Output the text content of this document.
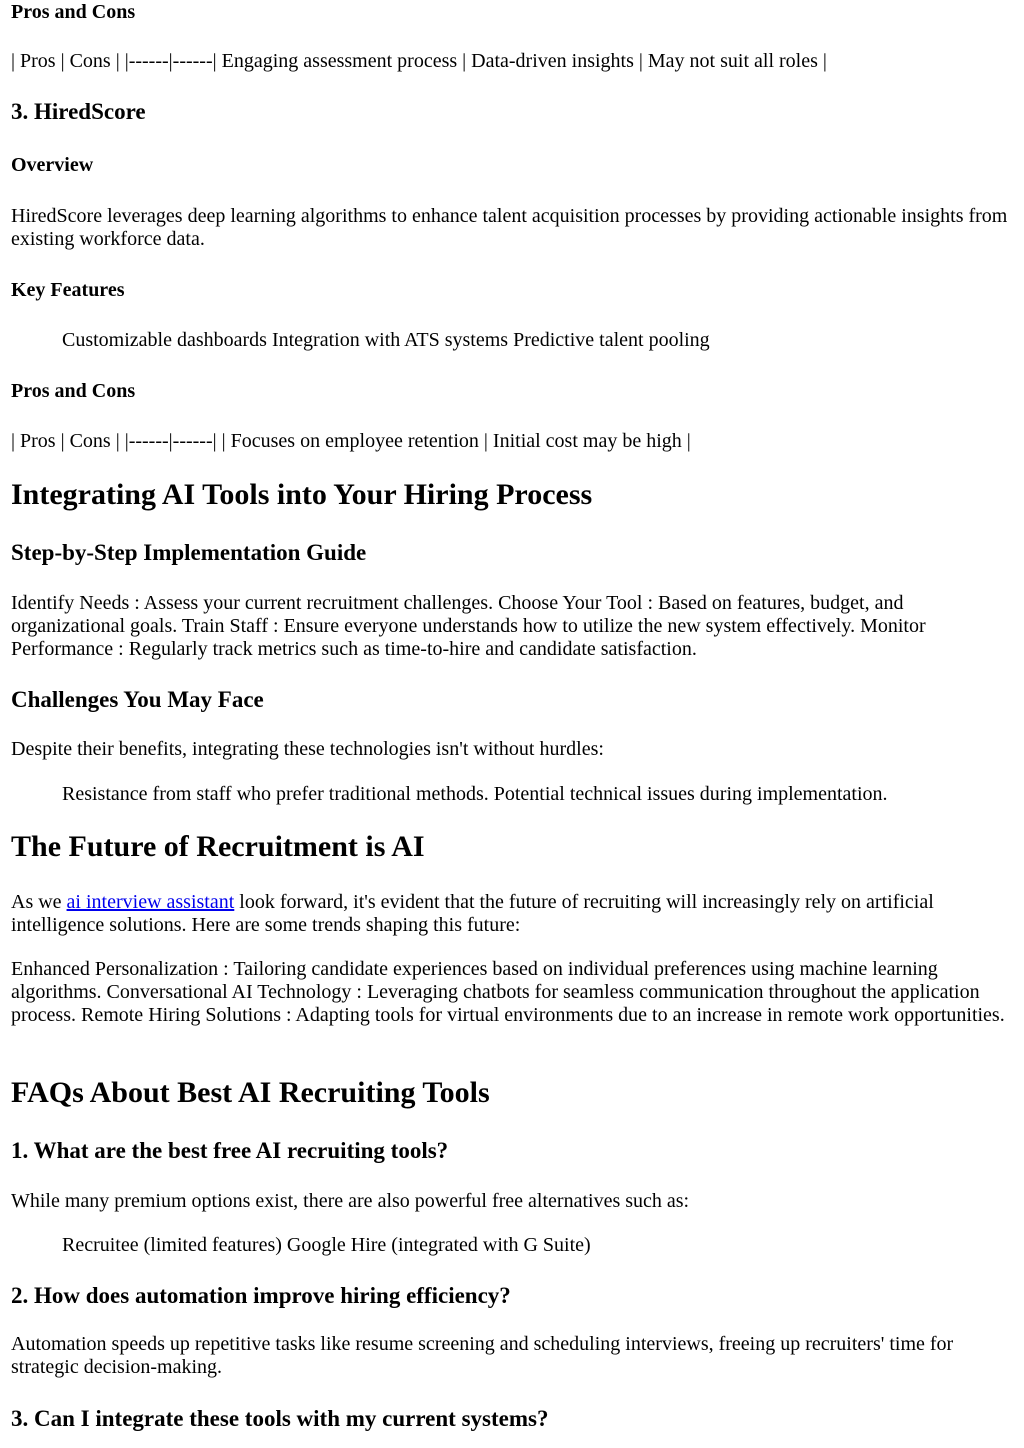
Pros and Cons

| Pros | Cons | |------|------| Engaging assessment process | Data-driven insights | May not suit all roles |

3. HiredScore
Overview

HiredScore leverages deep learning algorithms to enhance talent acquisition processes by providing actionable insights from existing workforce data.

Key Features

Customizable dashboards Integration with ATS systems Predictive talent pooling

Pros and Cons

| Pros | Cons | |------|------| | Focuses on employee retention | Initial cost may be high |

Integrating AI Tools into Your Hiring Process
Step-by-Step Implementation Guide

Identify Needs : Assess your current recruitment challenges. Choose Your Tool : Based on features, budget, and organizational goals. Train Staff : Ensure everyone understands how to utilize the new system effectively. Monitor Performance : Regularly track metrics such as time-to-hire and candidate satisfaction.

Challenges You May Face

Despite their benefits, integrating these technologies isn't without hurdles:

Resistance from staff who prefer traditional methods. Potential technical issues during implementation.

The Future of Recruitment is AI

As we ai interview assistant look forward, it's evident that the future of recruiting will increasingly rely on artificial intelligence solutions. Here are some trends shaping this future:

Enhanced Personalization : Tailoring candidate experiences based on individual preferences using machine learning algorithms. Conversational AI Technology : Leveraging chatbots for seamless communication throughout the application process. Remote Hiring Solutions : Adapting tools for virtual environments due to an increase in remote work opportunities.

FAQs About Best AI Recruiting Tools
1. What are the best free AI recruiting tools?

While many premium options exist, there are also powerful free alternatives such as:

Recruitee (limited features) Google Hire (integrated with G Suite)

2. How does automation improve hiring efficiency?

Automation speeds up repetitive tasks like resume screening and scheduling interviews, freeing up recruiters' time for strategic decision-making.

3. Can I integrate these tools with my current systems?
